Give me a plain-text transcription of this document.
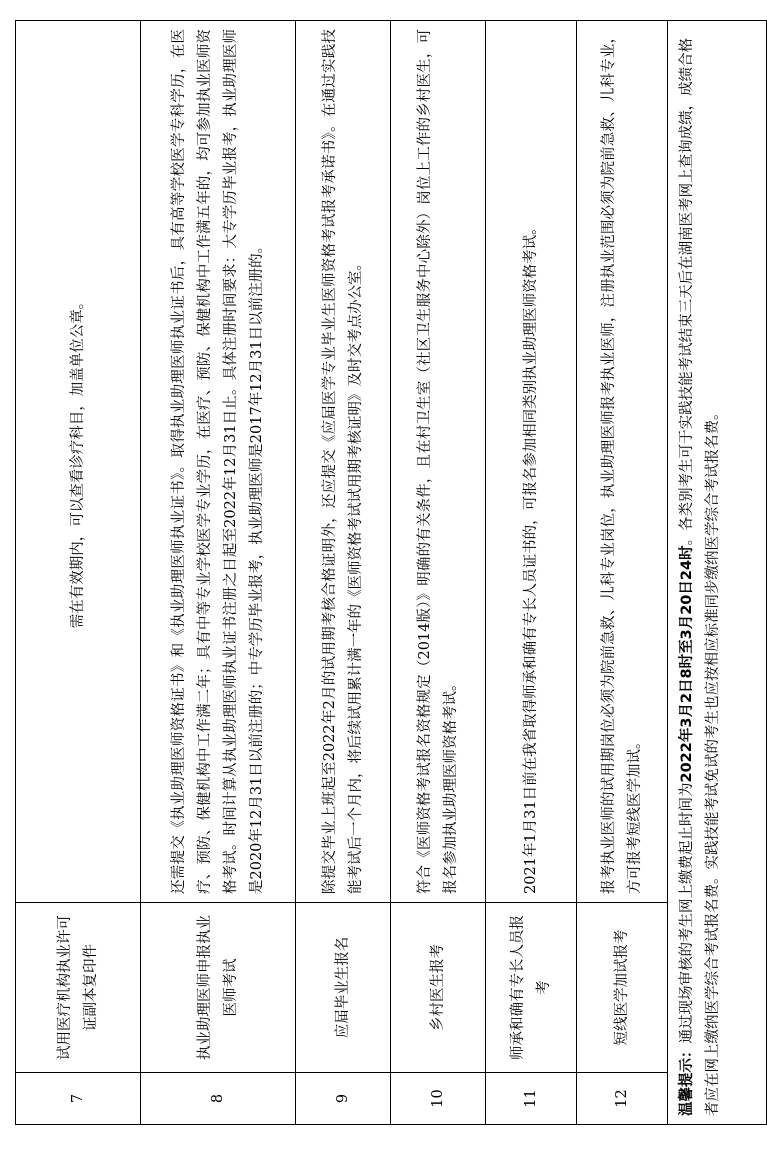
7	试用医疗机构执业许可证副本复印件	需在有效期内，可以查看诊疗科目，加盖单位公章。
8	执业助理医师申报执业医师考试	还需提交《执业助理医师资格证书》和《执业助理医师执业证书》。取得执业助理医师执业证书后，具有高等学校医学专科学历，在医疗、预防、保健机构中工作满二年；具有中等专业学校医学专业学历，在医疗、预防、保健机构中工作满五年的，均可参加执业医师资格考试。时间计算从执业助理医师执业证书注册之日起至2022年12月31日止。具体注册时间要求：大专学历毕业报考，执业助理医师是2020年12月31日以前注册的；中专学历毕业报考，执业助理医师是2017年12月31日以前注册的。
9	应届毕业生报名	除提交毕业上班起至2022年2月的试用期考核合格证明外，还应提交《应届医学专业毕业生医师资格考试报考承诺书》。在通过实践技能考试后一个月内，将后续试用累计满一年的《医师资格考试试用期考核证明》及时交考点办公室。
10	乡村医生报考	符合《医师资格考试报名资格规定（2014版）》明确的有关条件，且在村卫生室（社区卫生服务中心除外）岗位上工作的乡村医生，可报名参加执业助理医师资格考试。
11	师承和确有专长人员报考	2021年1月31日前在我省取得师承和确有专长人员证书的，可报名参加相同类别执业助理医师资格考试。
12	短线医学加试报考	报考执业医师的试用期岗位必须为院前急救、儿科专业岗位，执业助理医师报考执业医师，注册执业范围必须为院前急救、儿科专业，方可报考短线医学加试。
温馨提示：通过现场审核的考生网上缴费起止时间为2022年3月2日8时至3月20日24时。各类别考生可于实践技能考试结束三天后在湖南医考网上查询成绩，成绩合格者应在网上缴纳医学综合考试报名费。实践技能考试免试的考生也应按相应标准同步缴纳医学综合考试报名费。		
